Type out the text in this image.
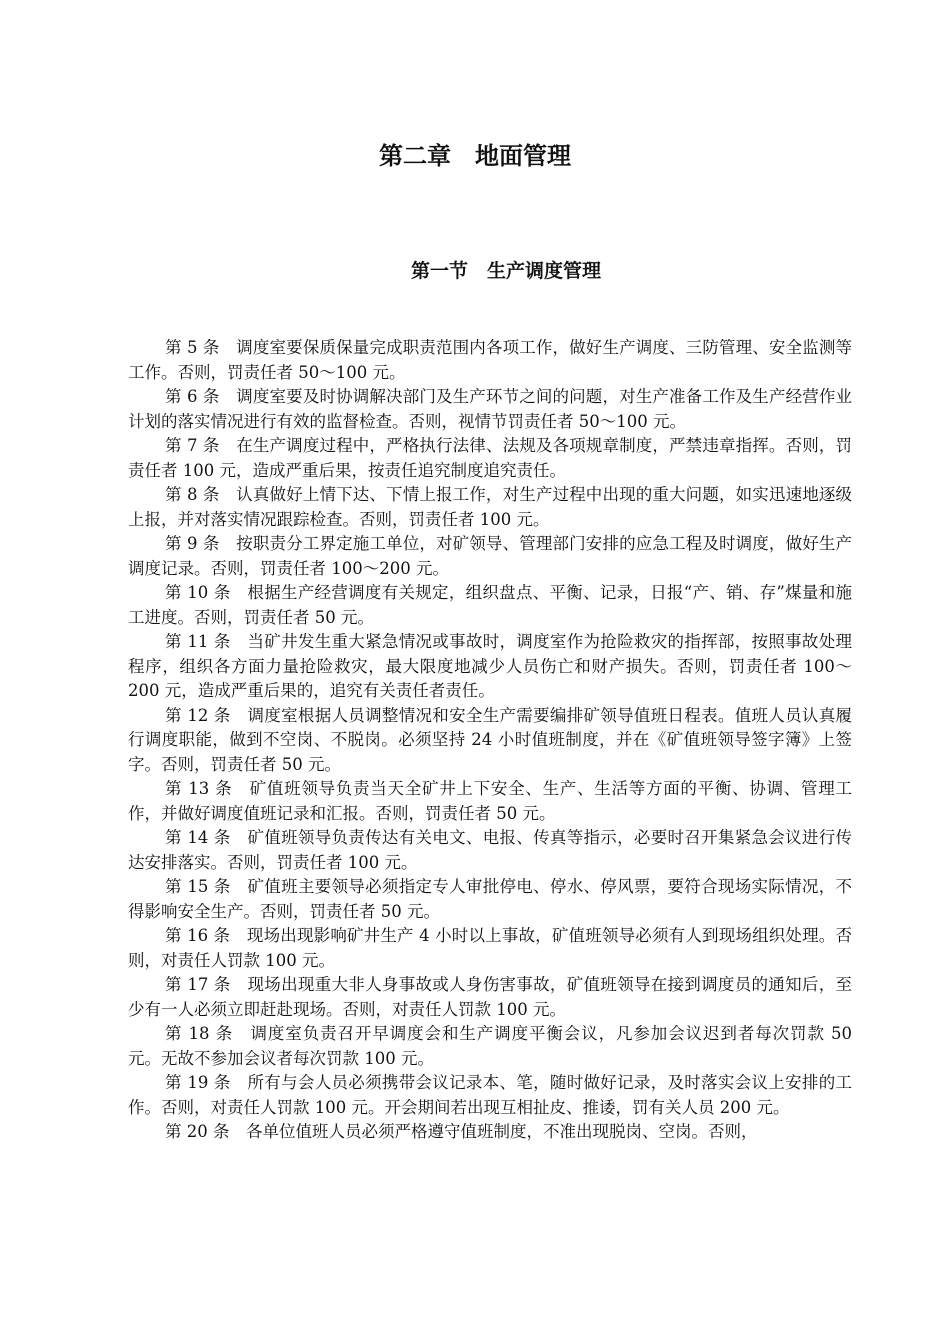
第二章　地面管理
第一节　生产调度管理

第 5 条　 调度室要保质保量完成职责范围内各项工作，做好生产调度、三防管理、安全监测等工作。否则，罚责任者 50～100 元。

第 6 条　 调度室要及时协调解决部门及生产环节之间的问题，对生产准备工作及生产经营作业计划的落实情况进行有效的监督检查。否则，视情节罚责任者 50～100 元。

第 7 条　 在生产调度过程中，严格执行法律、法规及各项规章制度，严禁违章指挥。否则，罚责任者 100 元，造成严重后果，按责任追究制度追究责任。

第 8 条　 认真做好上情下达、下情上报工作，对生产过程中出现的重大问题，如实迅速地逐级上报，并对落实情况跟踪检查。否则，罚责任者 100 元。

第 9 条　 按职责分工界定施工单位，对矿领导、管理部门安排的应急工程及时调度，做好生产调度记录。否则，罚责任者 100～200 元。

第 10 条　 根据生产经营调度有关规定，组织盘点、平衡、记录，日报“产、销、存”煤量和施工进度。否则，罚责任者 50 元。

第 11 条　 当矿井发生重大紧急情况或事故时，调度室作为抢险救灾的指挥部，按照事故处理程序，组织各方面力量抢险救灾，最大限度地减少人员伤亡和财产损失。否则，罚责任者 100～200 元，造成严重后果的，追究有关责任者责任。

第 12 条　 调度室根据人员调整情况和安全生产需要编排矿领导值班日程表。值班人员认真履行调度职能，做到不空岗、不脱岗。必须坚持 24 小时值班制度，并在《矿值班领导签字簿》上签字。否则，罚责任者 50 元。

第 13 条　 矿值班领导负责当天全矿井上下安全、生产、生活等方面的平衡、协调、管理工作，并做好调度值班记录和汇报。否则，罚责任者 50 元。

第 14 条　 矿值班领导负责传达有关电文、电报、传真等指示，必要时召开集紧急会议进行传达安排落实。否则，罚责任者 100 元。

第 15 条　 矿值班主要领导必须指定专人审批停电、停水、停风票，要符合现场实际情况，不得影响安全生产。否则，罚责任者 50 元。

第 16 条　 现场出现影响矿井生产 4 小时以上事故，矿值班领导必须有人到现场组织处理。否则，对责任人罚款 100 元。

第 17 条　 现场出现重大非人身事故或人身伤害事故，矿值班领导在接到调度员的通知后，至少有一人必须立即赶赴现场。否则，对责任人罚款 100 元。

第 18 条　 调度室负责召开早调度会和生产调度平衡会议，凡参加会议迟到者每次罚款 50 元。无故不参加会议者每次罚款 100 元。

第 19 条　 所有与会人员必须携带会议记录本、笔，随时做好记录，及时落实会议上安排的工作。否则，对责任人罚款 100 元。开会期间若出现互相扯皮、推诿，罚有关人员 200 元。

第 20 条　 各单位值班人员必须严格遵守值班制度，不准出现脱岗、空岗。否则，
